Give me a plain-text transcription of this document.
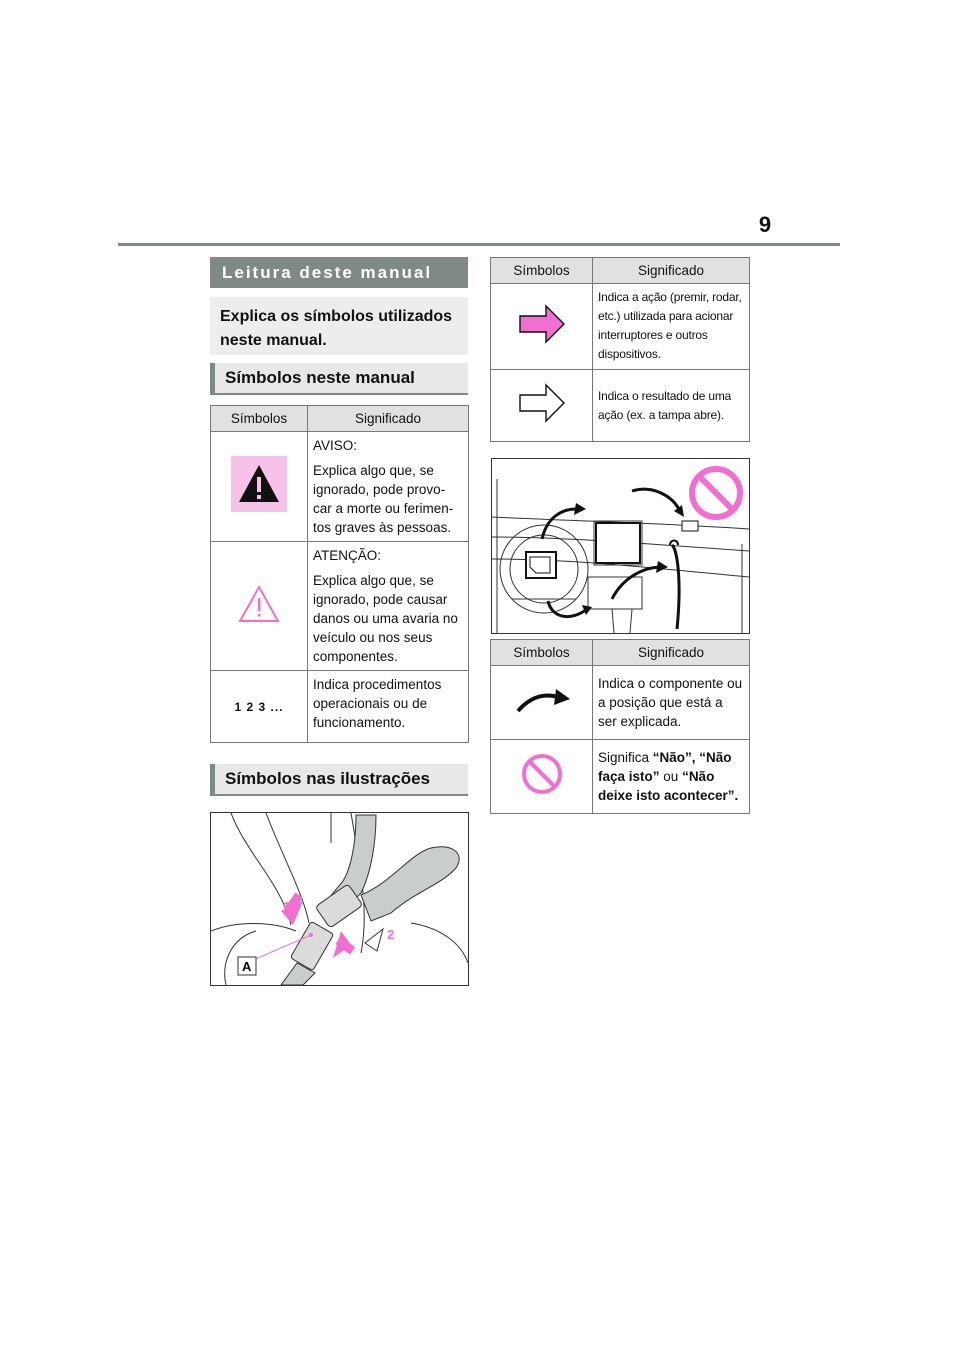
9
Leitura deste manual
Explica os símbolos utilizados neste manual.
Símbolos neste manual
Símbolos	Significado

AVISO:
Explica algo que, se ignorado, pode provo-car a morte ou ferimen-tos graves às pessoas.

ATENÇÃO:
Explica algo que, se ignorado, pode causar danos ou uma avaria no veículo ou nos seus componentes.

1 2 3 ...	Indica procedimentos operacionais ou de funcionamento.
Símbolos nas ilustrações
1
2
A
Símbolos	Significado
	Indica a ação (premir, rodar, etc.) utilizada para acionar interruptores e outros dispositivos.
	Indica o resultado de uma ação (ex. a tampa abre).
Símbolos	Significado
	Indica o componente ou a posição que está a ser explicada.
	Significa “Não”, “Não faça isto” ou “Não deixe isto acontecer”.
